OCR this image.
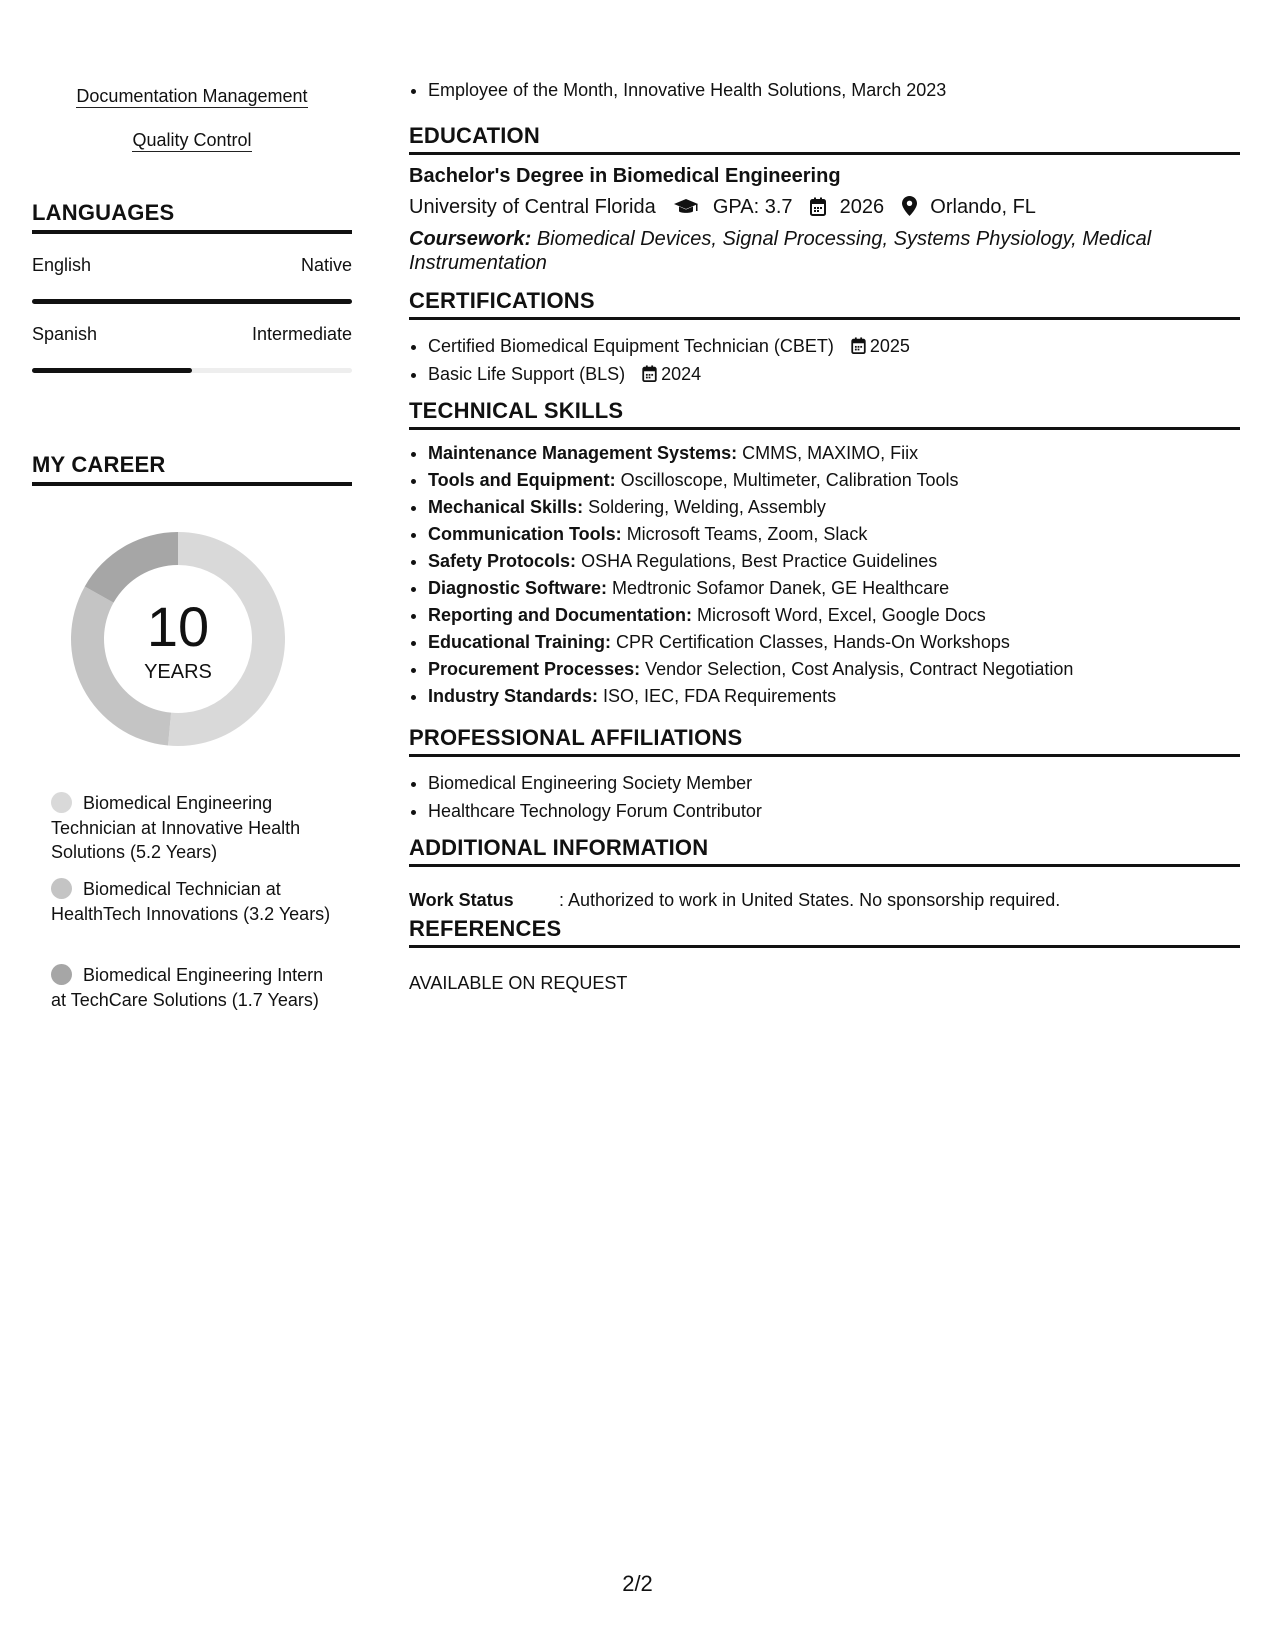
Documentation Management
Quality Control
LANGUAGES
English	Native
Spanish	Intermediate
MY CAREER
10
YEARS
Biomedical Engineering Technician at Innovative Health Solutions (5.2 Years)
Biomedical Technician at HealthTech Innovations (3.2 Years)
Biomedical Engineering Intern at TechCare Solutions (1.7 Years)
• Employee of the Month, Innovative Health Solutions, March 2023
EDUCATION
Bachelor's Degree in Biomedical Engineering
University of Central Florida	GPA: 3.7 2026 Orlando, FL
Coursework: Biomedical Devices, Signal Processing, Systems Physiology, Medical Instrumentation
CERTIFICATIONS
• Certified Biomedical Equipment Technician (CBET) 2025
• Basic Life Support (BLS) 2024
TECHNICAL SKILLS
• Maintenance Management Systems: CMMS, MAXIMO, Fiix
• Tools and Equipment: Oscilloscope, Multimeter, Calibration Tools
• Mechanical Skills: Soldering, Welding, Assembly
• Communication Tools: Microsoft Teams, Zoom, Slack
• Safety Protocols: OSHA Regulations, Best Practice Guidelines
• Diagnostic Software: Medtronic Sofamor Danek, GE Healthcare
• Reporting and Documentation: Microsoft Word, Excel, Google Docs
• Educational Training: CPR Certification Classes, Hands-On Workshops
• Procurement Processes: Vendor Selection, Cost Analysis, Contract Negotiation
• Industry Standards: ISO, IEC, FDA Requirements
PROFESSIONAL AFFILIATIONS
• Biomedical Engineering Society Member
• Healthcare Technology Forum Contributor
ADDITIONAL INFORMATION
Work Status	: Authorized to work in United States. No sponsorship required.
REFERENCES
AVAILABLE ON REQUEST
2/2
